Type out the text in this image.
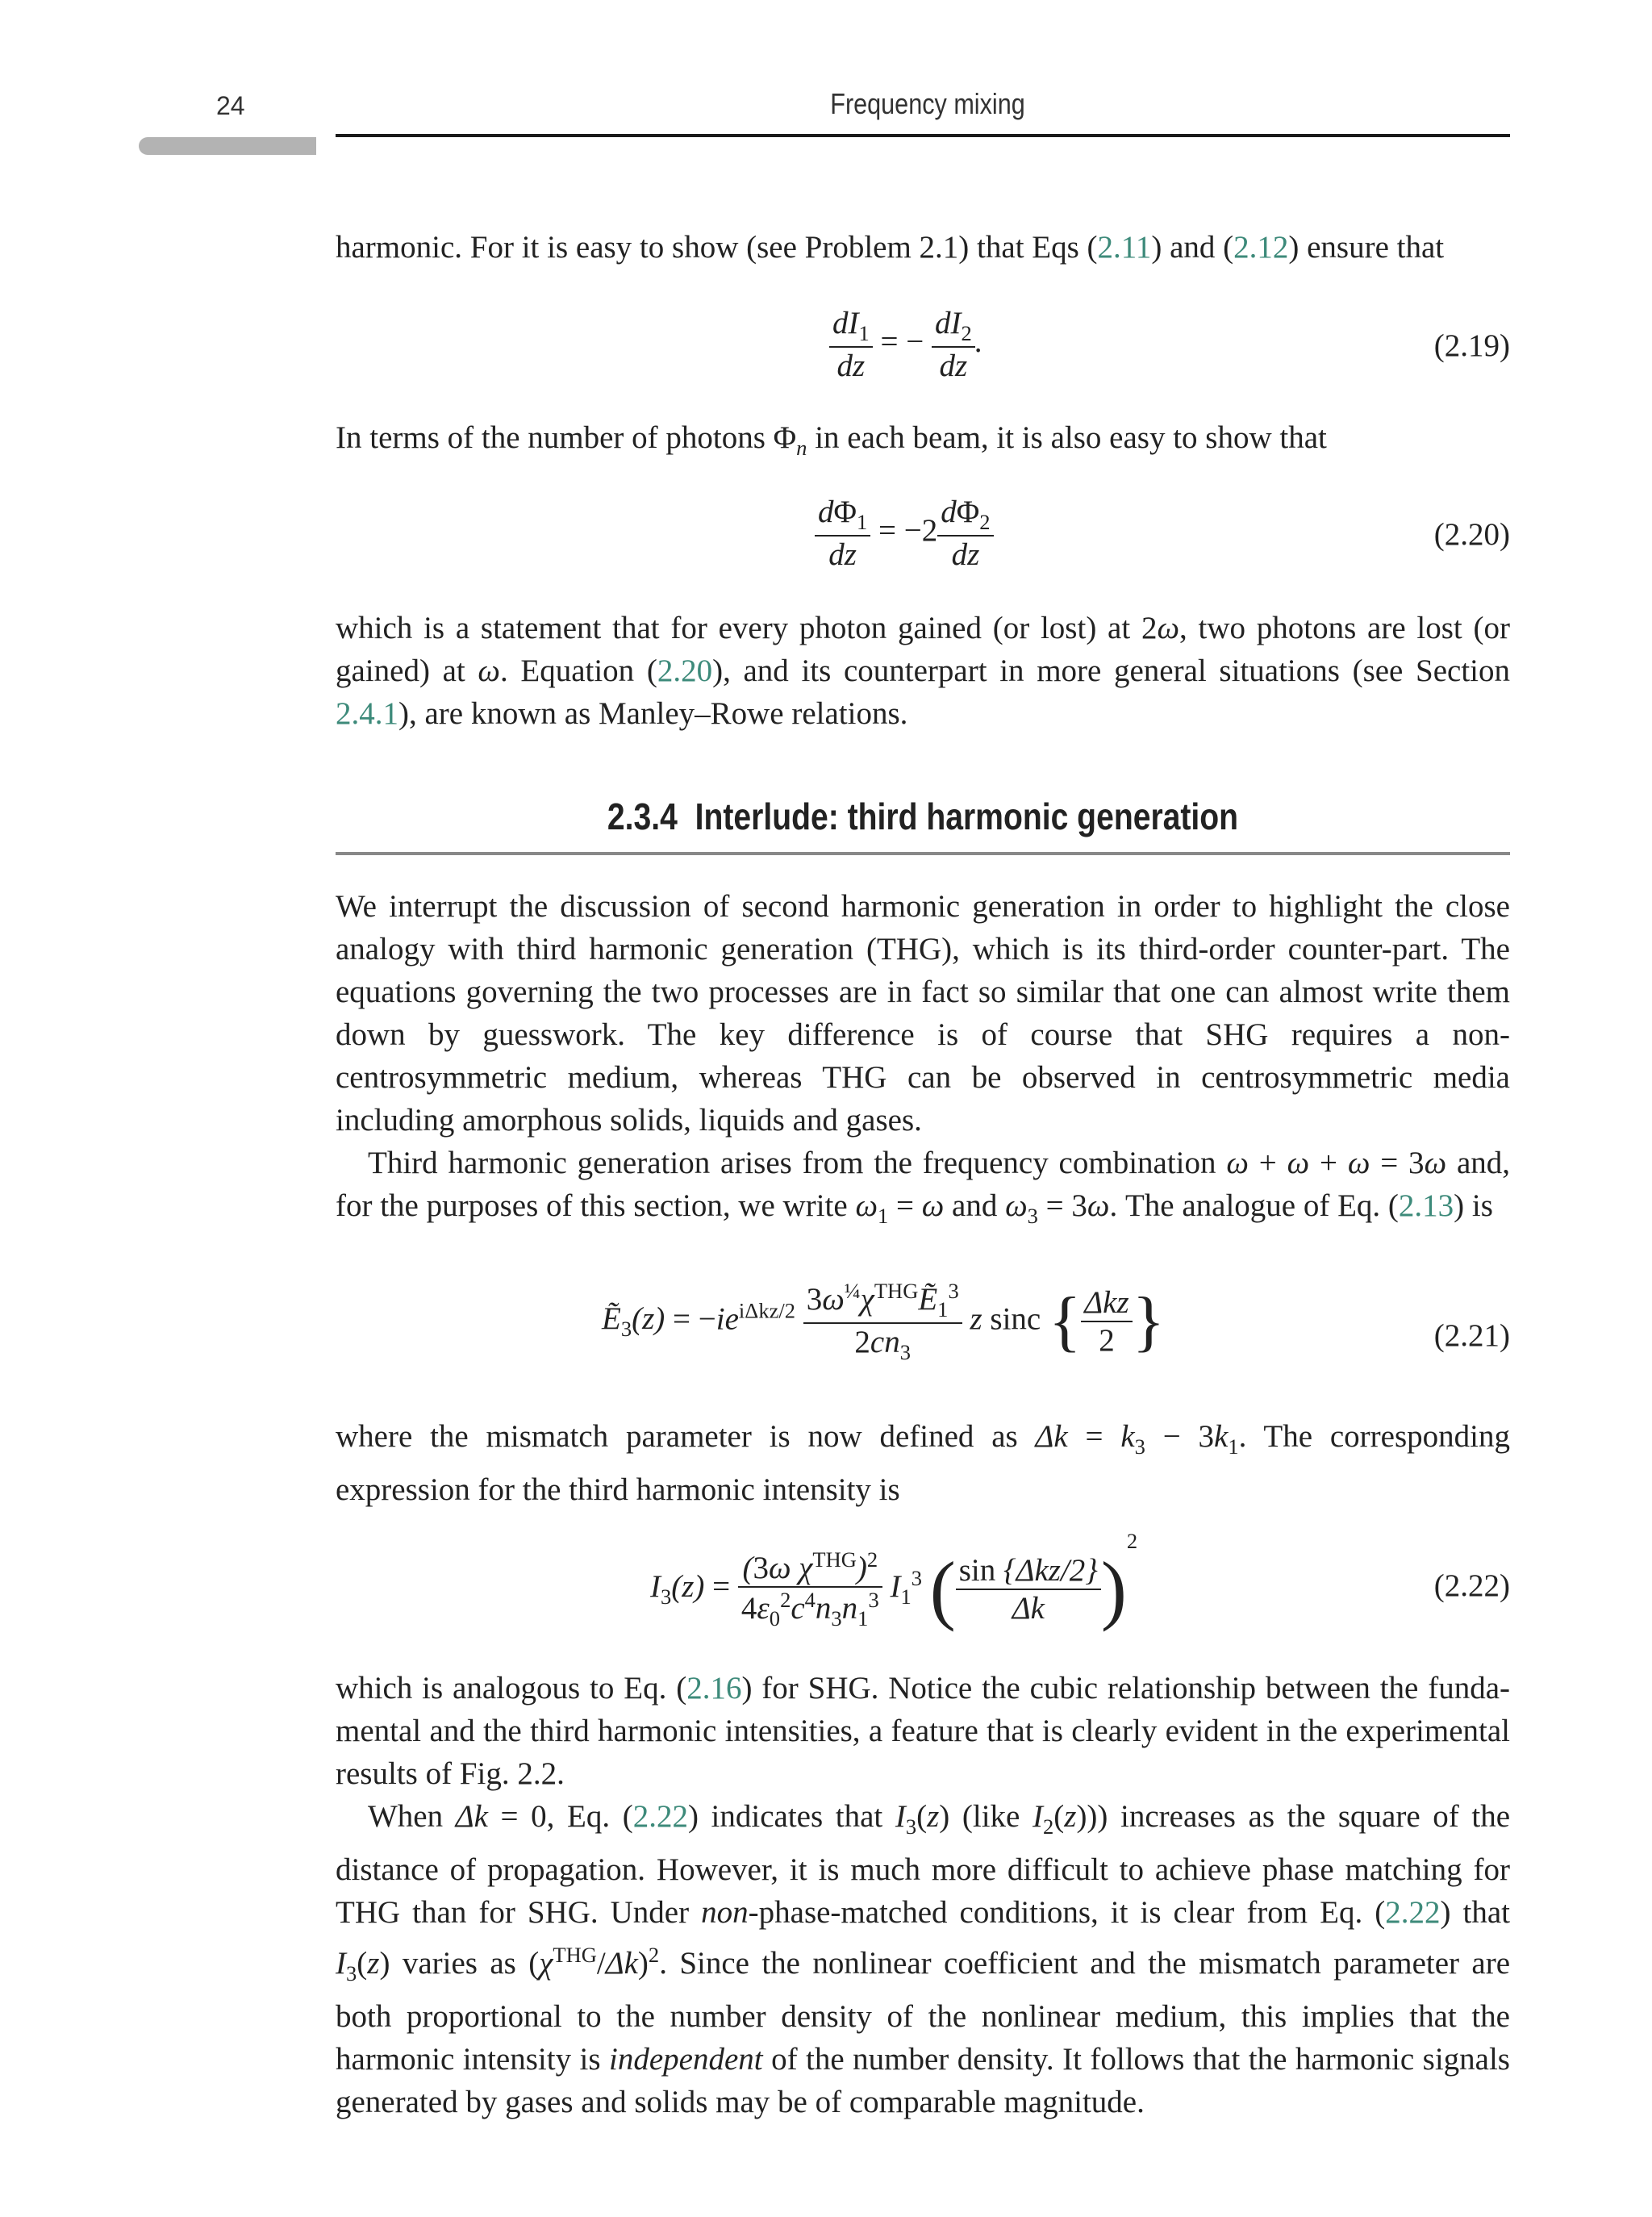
24	Frequency mixing

harmonic. For it is easy to show (see Problem 2.1) that Eqs (2.11) and (2.12) ensure that

$\frac{dI_1}{dz}$ = − $\frac{dI_2}{dz}$ .	(2.19)

In terms of the number of photons $\Phi_n$ in each beam, it is also easy to show that

$\frac{d\Phi_1}{dz} = -2 \frac{d\Phi_2}{dz}$	(2.20)

which is a statement that for every photon gained (or lost) at 2ω, two photons are lost (or gained) at ω. Equation (2.20), and its counterpart in more general situations (see Section 2.4.1), are known as Manley–Rowe relations.

2.3.4 Interlude: third harmonic generation

We interrupt the discussion of second harmonic generation in order to highlight the close analogy with third harmonic generation (THG), which is its third-order counter-part. The equations governing the two processes are in fact so similar that one can almost write them down by guesswork. The key difference is of course that SHG requires a non-centrosymmetric medium, whereas THG can be observed in centrosymmetric media including amorphous solids, liquids and gases.

Third harmonic generation arises from the frequency combination ω + ω + ω = 3ω and, for the purposes of this section, we write $\omega_1 = \omega$ and $\omega_3 = 3\omega$. The analogue of Eq. (2.13) is

Ẽ$_3$(z) = $-ie^{i\Delta kz/2} \frac{3\omega^{\frac{1}{4}}\chi^{THG}Ẽ_1^3}{2cn_3}$ z sinc { $\frac{\text{Δkz}}{2}$ }	(2.21)

where the mismatch parameter is now defined as $\Delta k = k_3 - 3k_1$. The corresponding expression for the third harmonic intensity is

$I_3(z) = \frac{(3\omega \chi^{THG})^2}{4\varepsilon_0^2c^4n_3n_1^3} I_1^3$ ( $\frac{\text{sin \{Δkz/2\}}}{\Delta k} )^2$
(2.22)

which is analogous to Eq. (2.16) for SHG. Notice the cubic relationship between the funda-mental and the third harmonic intensities, a feature that is clearly evident in the experimental results of Fig. 2.2.

When Δk = 0, Eq. (2.22) indicates that $I_3(z)$ (like $I_2(z)$)) increases as the square of the distance of propagation. However, it is much more difficult to achieve phase matching for THG than for SHG. Under non-phase-matched conditions, it is clear from Eq. (2.22) that $I_3(z)$ varies as $(\chi^{THG}/\Delta k)^2$. Since the nonlinear coefficient and the mismatch parameter are both proportional to the number density of the nonlinear medium, this implies that the harmonic intensity is independent of the number density. It follows that the harmonic signals generated by gases and solids may be of comparable magnitude.
